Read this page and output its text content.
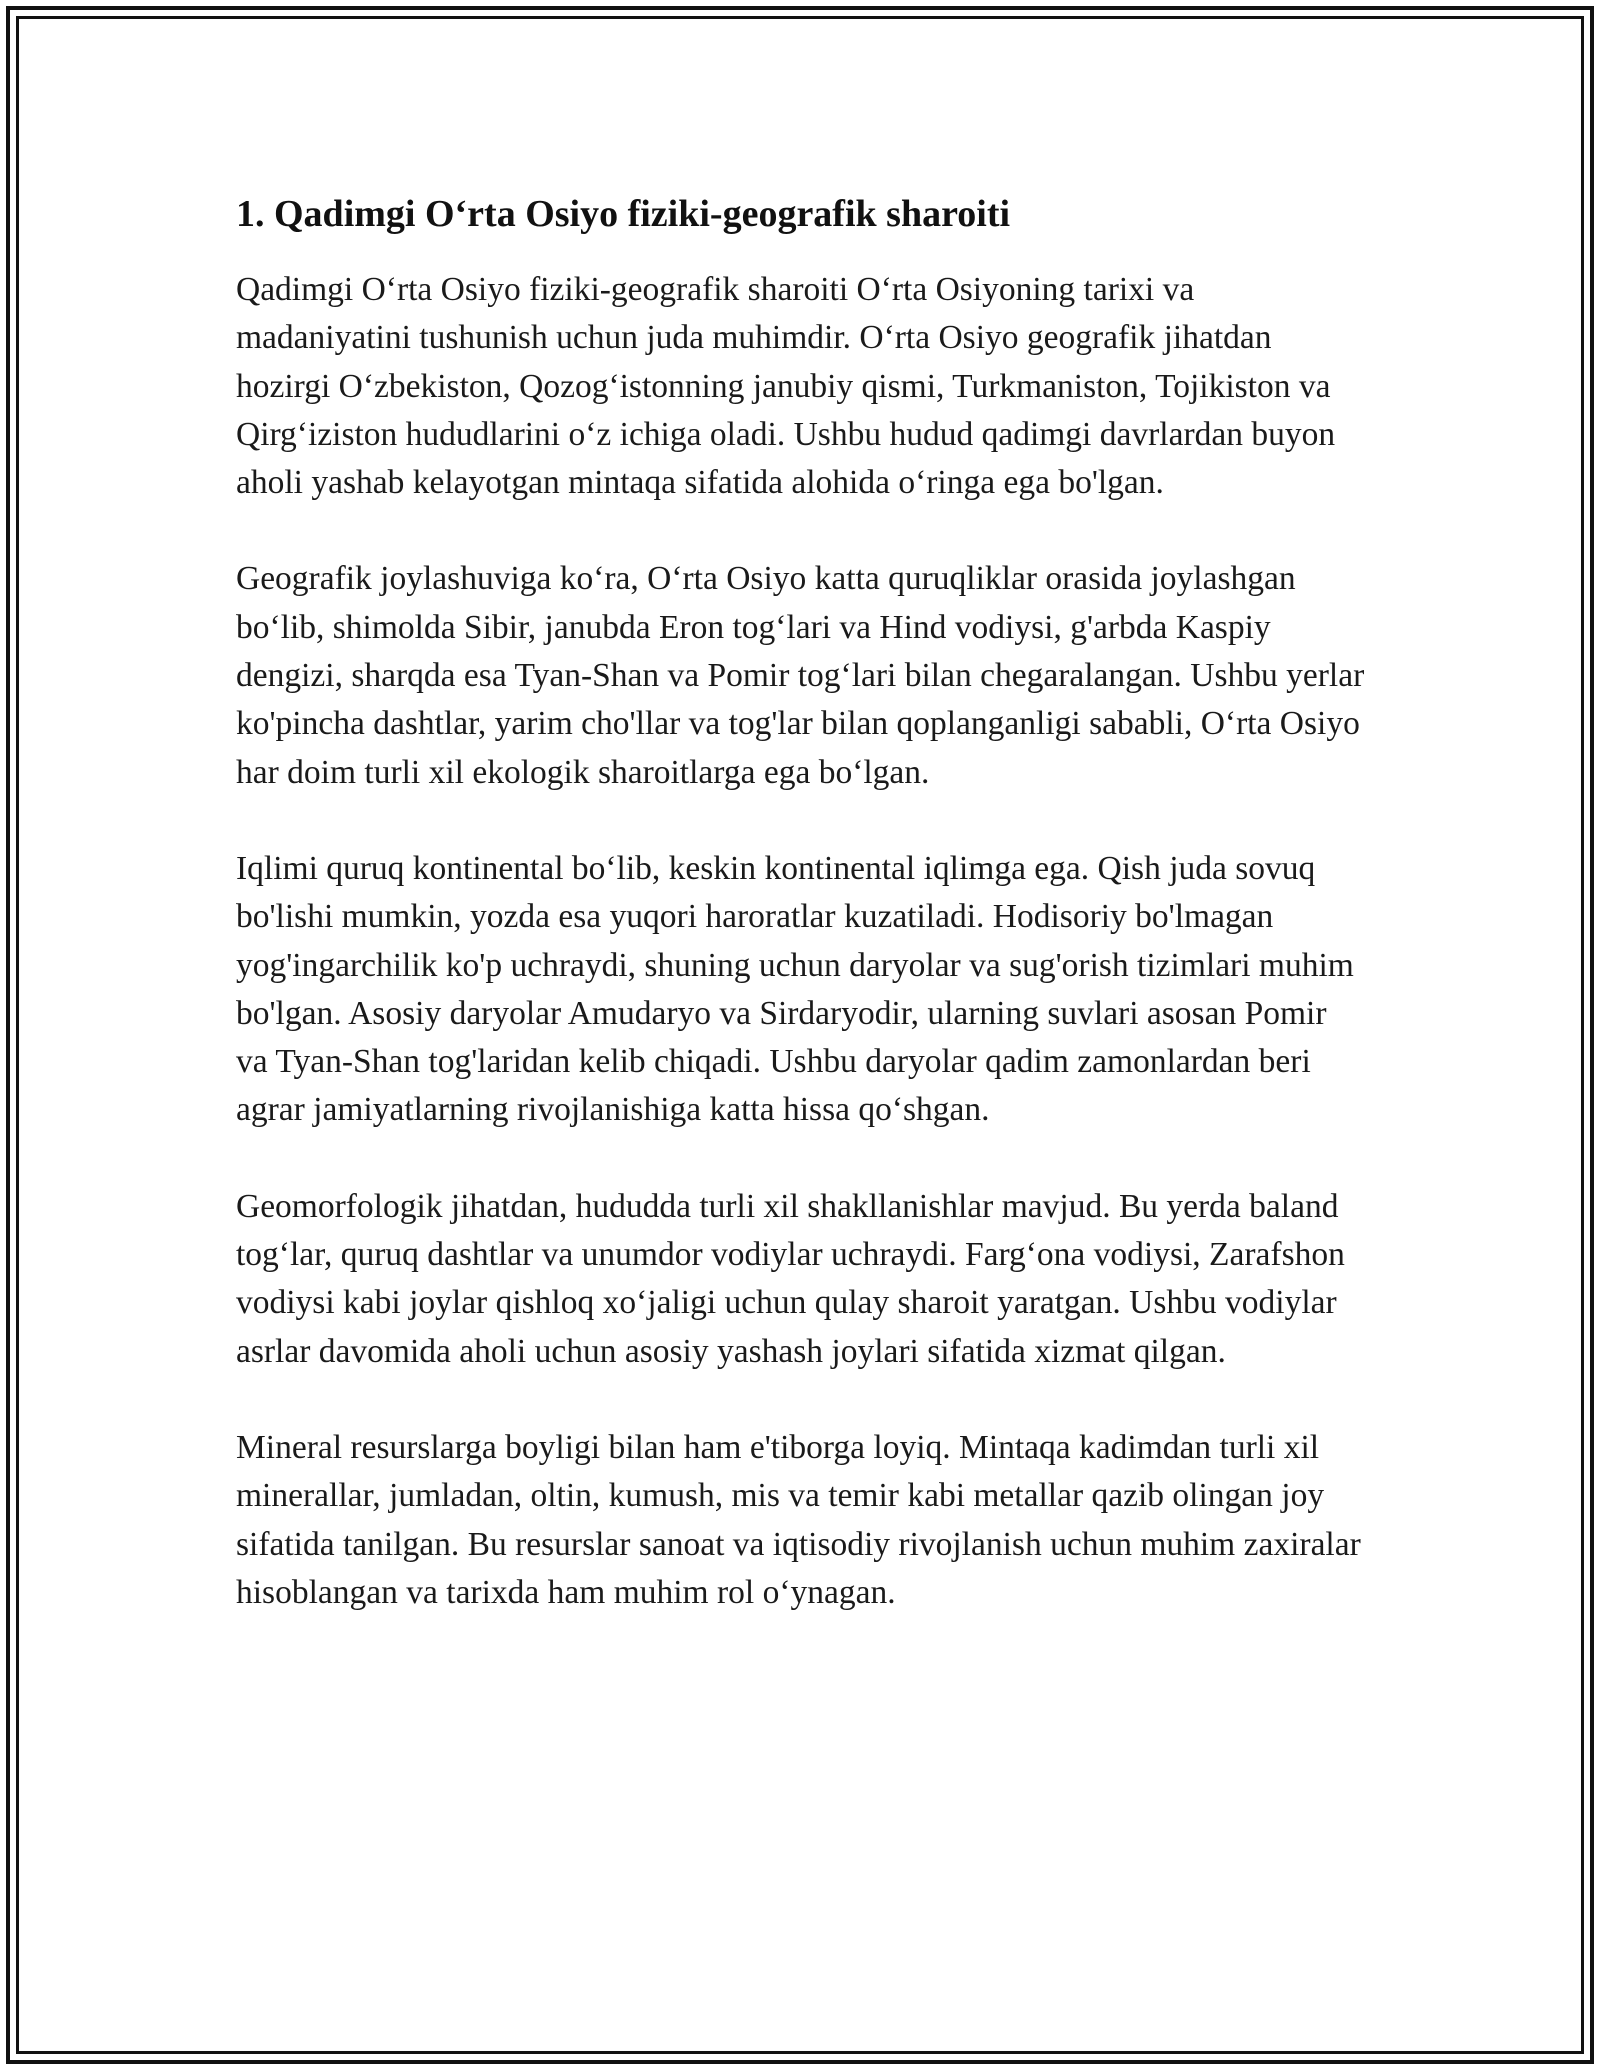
1. Qadimgi O‘rta Osiyo fiziki-geografik sharoiti

Qadimgi O‘rta Osiyo fiziki-geografik sharoiti O‘rta Osiyoning tarixi va madaniyatini tushunish uchun juda muhimdir. O‘rta Osiyo geografik jihatdan hozirgi O‘zbekiston, Qozog‘istonning janubiy qismi, Turkmaniston, Tojikiston va Qirg‘iziston hududlarini o‘z ichiga oladi. Ushbu hudud qadimgi davrlardan buyon aholi yashab kelayotgan mintaqa sifatida alohida o‘ringa ega bo'lgan.

Geografik joylashuviga ko‘ra, O‘rta Osiyo katta quruqliklar orasida joylashgan bo‘lib, shimolda Sibir, janubda Eron tog‘lari va Hind vodiysi, g'arbda Kaspiy dengizi, sharqda esa Tyan-Shan va Pomir tog‘lari bilan chegaralangan. Ushbu yerlar ko'pincha dashtlar, yarim cho'llar va tog'lar bilan qoplanganligi sababli, O‘rta Osiyo har doim turli xil ekologik sharoitlarga ega bo‘lgan.

Iqlimi quruq kontinental bo‘lib, keskin kontinental iqlimga ega. Qish juda sovuq bo'lishi mumkin, yozda esa yuqori haroratlar kuzatiladi. Hodisoriy bo'lmagan yog'ingarchilik ko'p uchraydi, shuning uchun daryolar va sug'orish tizimlari muhim bo'lgan. Asosiy daryolar Amudaryo va Sirdaryodir, ularning suvlari asosan Pomir va Tyan-Shan tog'laridan kelib chiqadi. Ushbu daryolar qadim zamonlardan beri agrar jamiyatlarning rivojlanishiga katta hissa qo‘shgan.

Geomorfologik jihatdan, hududda turli xil shakllanishlar mavjud. Bu yerda baland tog‘lar, quruq dashtlar va unumdor vodiylar uchraydi. Farg‘ona vodiysi, Zarafshon vodiysi kabi joylar qishloq xo‘jaligi uchun qulay sharoit yaratgan. Ushbu vodiylar asrlar davomida aholi uchun asosiy yashash joylari sifatida xizmat qilgan.

Mineral resurslarga boyligi bilan ham e'tiborga loyiq. Mintaqa kadimdan turli xil minerallar, jumladan, oltin, kumush, mis va temir kabi metallar qazib olingan joy sifatida tanilgan. Bu resurslar sanoat va iqtisodiy rivojlanish uchun muhim zaxiralar hisoblangan va tarixda ham muhim rol o‘ynagan.
